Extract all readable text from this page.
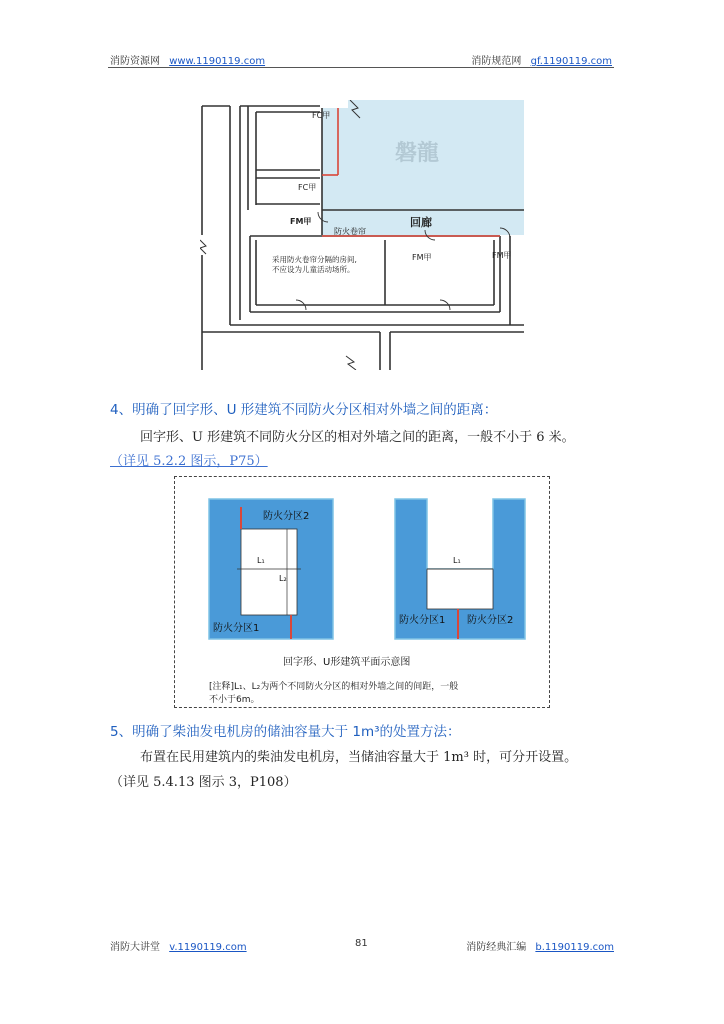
消防资源网 www.1190119.com	消防规范网 gf.1190119.com
磐龍
FC甲
FC甲
FM甲
防火卷帘
回廊
FM甲	FM甲
采用防火卷帘分隔的房间,
不应设为儿童活动场所。
4、明确了回字形、U 形建筑不同防火分区相对外墙之间的距离：
回字形、U 形建筑不同防火分区的相对外墙之间的距离，一般不小于 6 米。
（详见 5.2.2 图示，P75）
防火分区2
防火分区1
L₁
L₂
L₁
防火分区1 防火分区2
回字形、U形建筑平面示意图
[注释]L₁、L₂为两个不同防火分区的相对外墙之间的间距，一般
不小于6m。
5、明确了柴油发电机房的储油容量大于 1m³的处置方法：
布置在民用建筑内的柴油发电机房，当储油容量大于 1m³ 时，可分开设置。
（详见 5.4.13 图示 3，P108）
消防大讲堂 v.1190119.com	81	消防经典汇编 b.1190119.com
